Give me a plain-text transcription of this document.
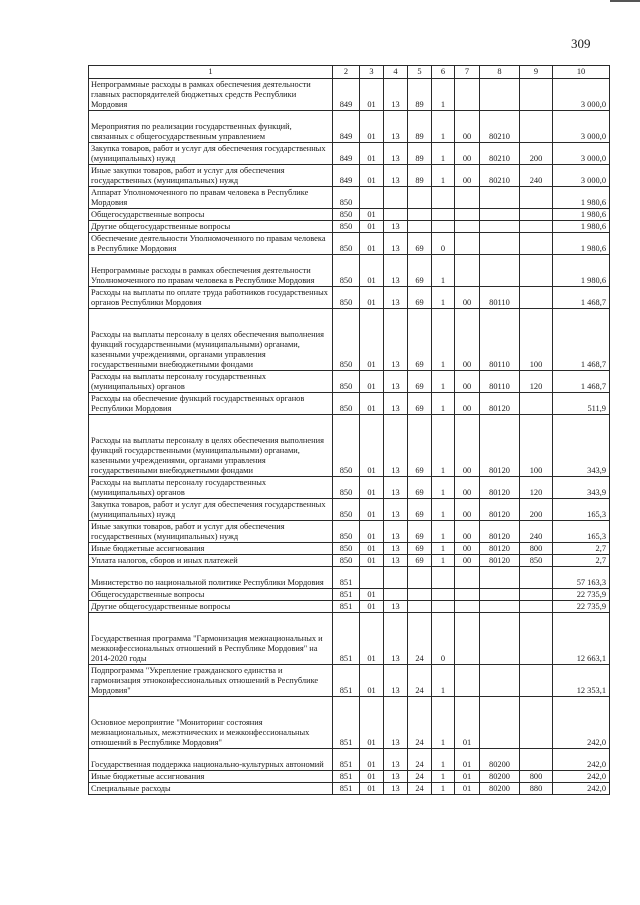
309
1	2	3	4	5	6	7	8	9	10
Непрограммные расходы в рамках обеспечения деятельности главных распорядителей бюджетных средств Республики Мордовия	849	01	13	89	1				3 000,0
Мероприятия по реализации государственных функций, связанных с общегосударственным управлением	849	01	13	89	1	00	80210		3 000,0
Закупка товаров, работ и услуг для обеспечения государственных (муниципальных) нужд	849	01	13	89	1	00	80210	200	3 000,0
Иные закупки товаров, работ и услуг для обеспечения государственных (муниципальных) нужд	849	01	13	89	1	00	80210	240	3 000,0
Аппарат Уполномоченного по правам человека в Республике Мордовия	850								1 980,6
Общегосударственные вопросы	850	01							1 980,6
Другие общегосударственные вопросы	850	01	13						1 980,6
Обеспечение деятельности Уполномоченного по правам человека в Республике Мордовия	850	01	13	69	0				1 980,6
Непрограммные расходы в рамках обеспечения деятельности Уполномоченного по правам человека в Республике Мордовия	850	01	13	69	1				1 980,6
Расходы на выплаты по оплате труда работников государственных органов Республики Мордовия	850	01	13	69	1	00	80110		1 468,7
Расходы на выплаты персоналу в целях обеспечения выполнения функций государственными (муниципальными) органами, казенными учреждениями, органами управления государственными внебюджетными фондами	850	01	13	69	1	00	80110	100	1 468,7
Расходы на выплаты персоналу государственных (муниципальных) органов	850	01	13	69	1	00	80110	120	1 468,7
Расходы на обеспечение функций государственных органов Республики Мордовия	850	01	13	69	1	00	80120		511,9
Расходы на выплаты персоналу в целях обеспечения выполнения функций государственными (муниципальными) органами, казенными учреждениями, органами управления государственными внебюджетными фондами	850	01	13	69	1	00	80120	100	343,9
Расходы на выплаты персоналу государственных (муниципальных) органов	850	01	13	69	1	00	80120	120	343,9
Закупка товаров, работ и услуг для обеспечения государственных (муниципальных) нужд	850	01	13	69	1	00	80120	200	165,3
Иные закупки товаров, работ и услуг для обеспечения государственных (муниципальных) нужд	850	01	13	69	1	00	80120	240	165,3
Иные бюджетные ассигнования	850	01	13	69	1	00	80120	800	2,7
Уплата налогов, сборов и иных платежей	850	01	13	69	1	00	80120	850	2,7
Министерство по национальной политике Республики Мордовия	851								57 163,3
Общегосударственные вопросы	851	01							22 735,9
Другие общегосударственные вопросы	851	01	13						22 735,9
Государственная программа "Гармонизация межнациональных и межконфессиональных отношений в Республике Мордовия" на 2014-2020 годы	851	01	13	24	0				12 663,1
Подпрограмма "Укрепление гражданского единства и гармонизация этноконфессиональных отношений в Республике Мордовия"	851	01	13	24	1				12 353,1
Основное мероприятие "Мониторинг состояния межнациональных, межэтнических и межконфессиональных отношений в Республике Мордовия"	851	01	13	24	1	01			242,0
Государственная поддержка национально-культурных автономий	851	01	13	24	1	01	80200		242,0
Иные бюджетные ассигнования	851	01	13	24	1	01	80200	800	242,0
Специальные расходы	851	01	13	24	1	01	80200	880	242,0
